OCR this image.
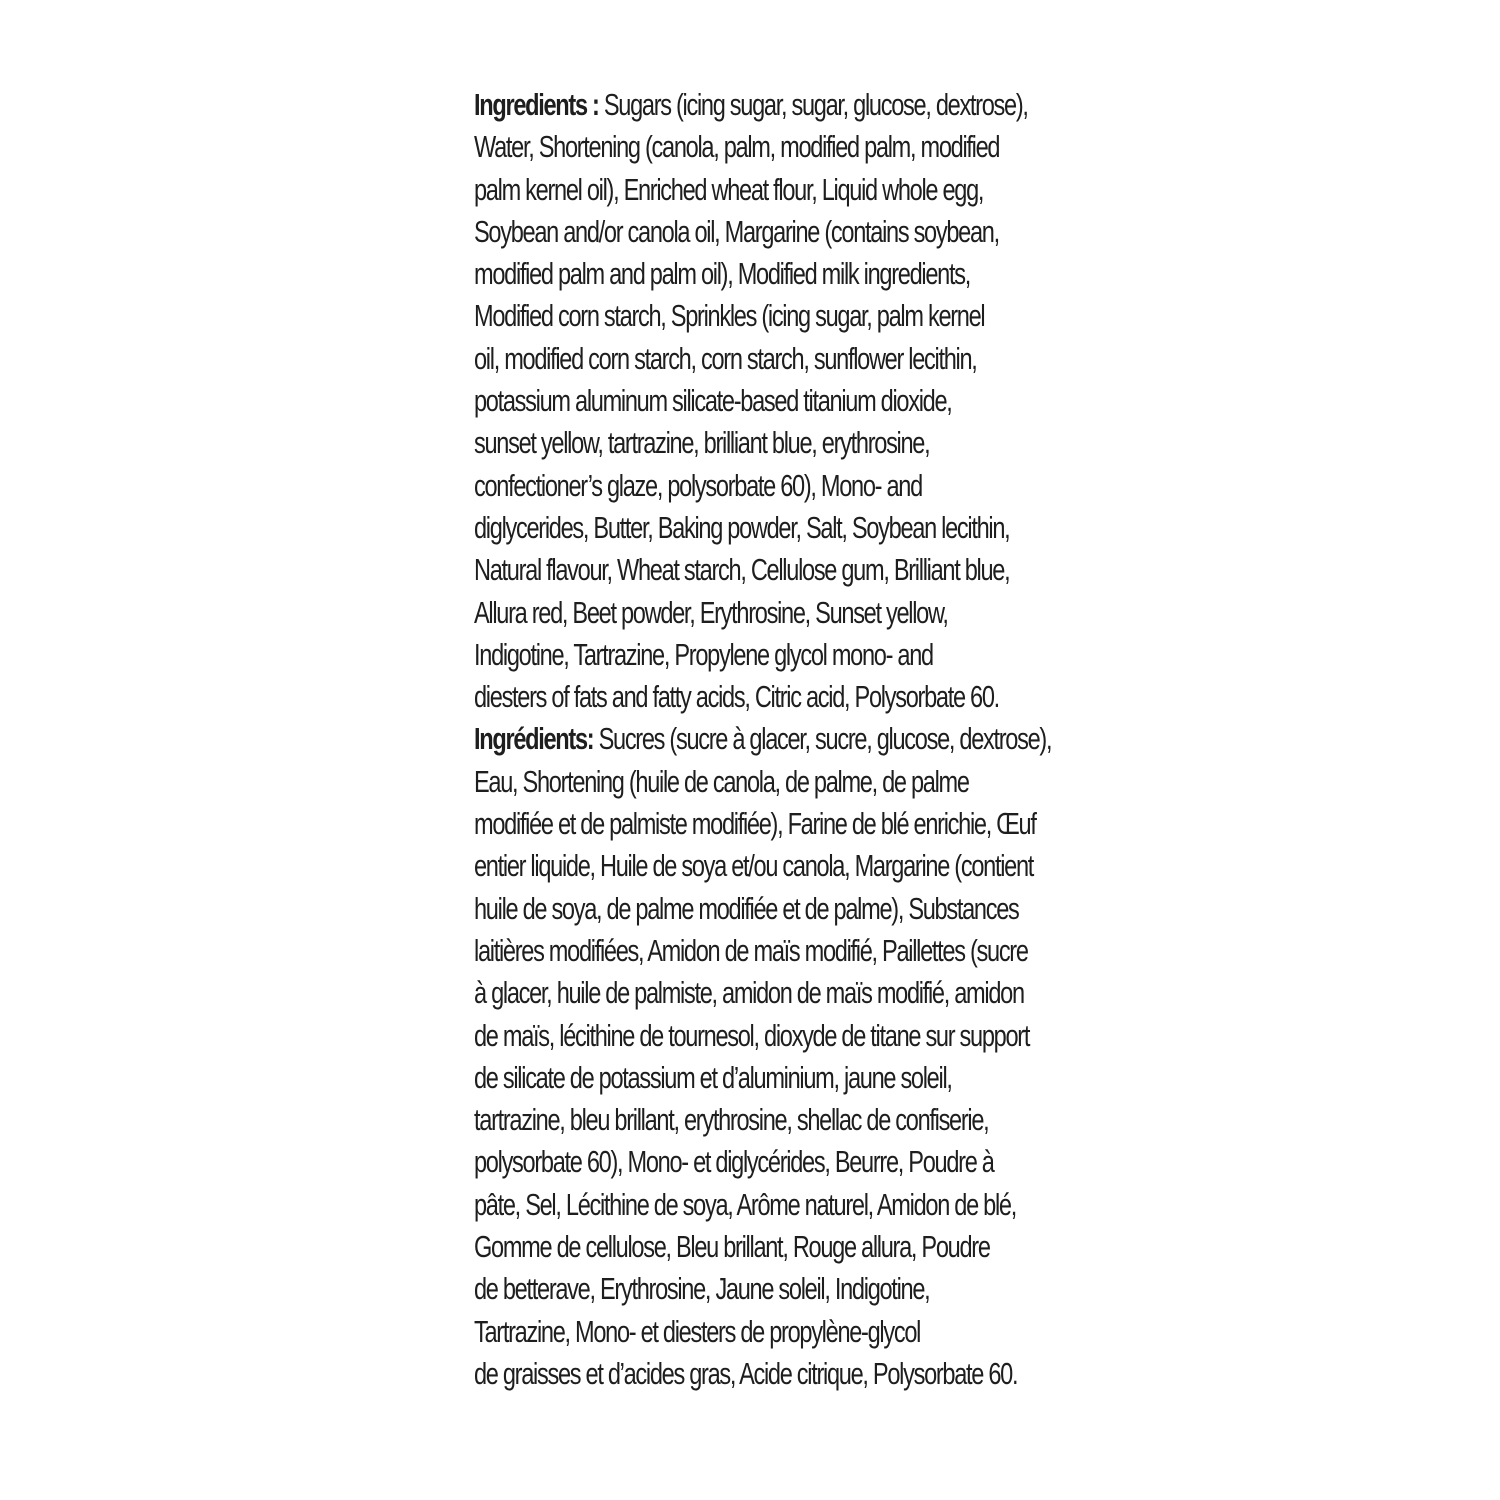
Ingredients : Sugars (icing sugar, sugar, glucose, dextrose),
Water, Shortening (canola, palm, modified palm, modified
palm kernel oil), Enriched wheat flour, Liquid whole egg,
Soybean and/or canola oil, Margarine (contains soybean,
modified palm and palm oil), Modified milk ingredients,
Modified corn starch, Sprinkles (icing sugar, palm kernel
oil, modified corn starch, corn starch, sunflower lecithin,
potassium aluminum silicate-based titanium dioxide,
sunset yellow, tartrazine, brilliant blue, erythrosine,
confectioner’s glaze, polysorbate 60), Mono- and
diglycerides, Butter, Baking powder, Salt, Soybean lecithin,
Natural flavour, Wheat starch, Cellulose gum, Brilliant blue,
Allura red, Beet powder, Erythrosine, Sunset yellow,
Indigotine, Tartrazine, Propylene glycol mono- and
diesters of fats and fatty acids, Citric acid, Polysorbate 60.
Ingrédients: Sucres (sucre à glacer, sucre, glucose, dextrose),
Eau, Shortening (huile de canola, de palme, de palme
modifiée et de palmiste modifiée), Farine de blé enrichie, Œuf
entier liquide, Huile de soya et/ou canola, Margarine (contient
huile de soya, de palme modifiée et de palme), Substances
laitières modifiées, Amidon de maïs modifié, Paillettes (sucre
à glacer, huile de palmiste, amidon de maïs modifié, amidon
de maïs, lécithine de tournesol, dioxyde de titane sur support
de silicate de potassium et d’aluminium, jaune soleil,
tartrazine, bleu brillant, erythrosine, shellac de confiserie,
polysorbate 60), Mono- et diglycérides, Beurre, Poudre à
pâte, Sel, Lécithine de soya, Arôme naturel, Amidon de blé,
Gomme de cellulose, Bleu brillant, Rouge allura, Poudre
de betterave, Erythrosine, Jaune soleil, Indigotine,
Tartrazine, Mono- et diesters de propylène-glycol
de graisses et d’acides gras, Acide citrique, Polysorbate 60.
